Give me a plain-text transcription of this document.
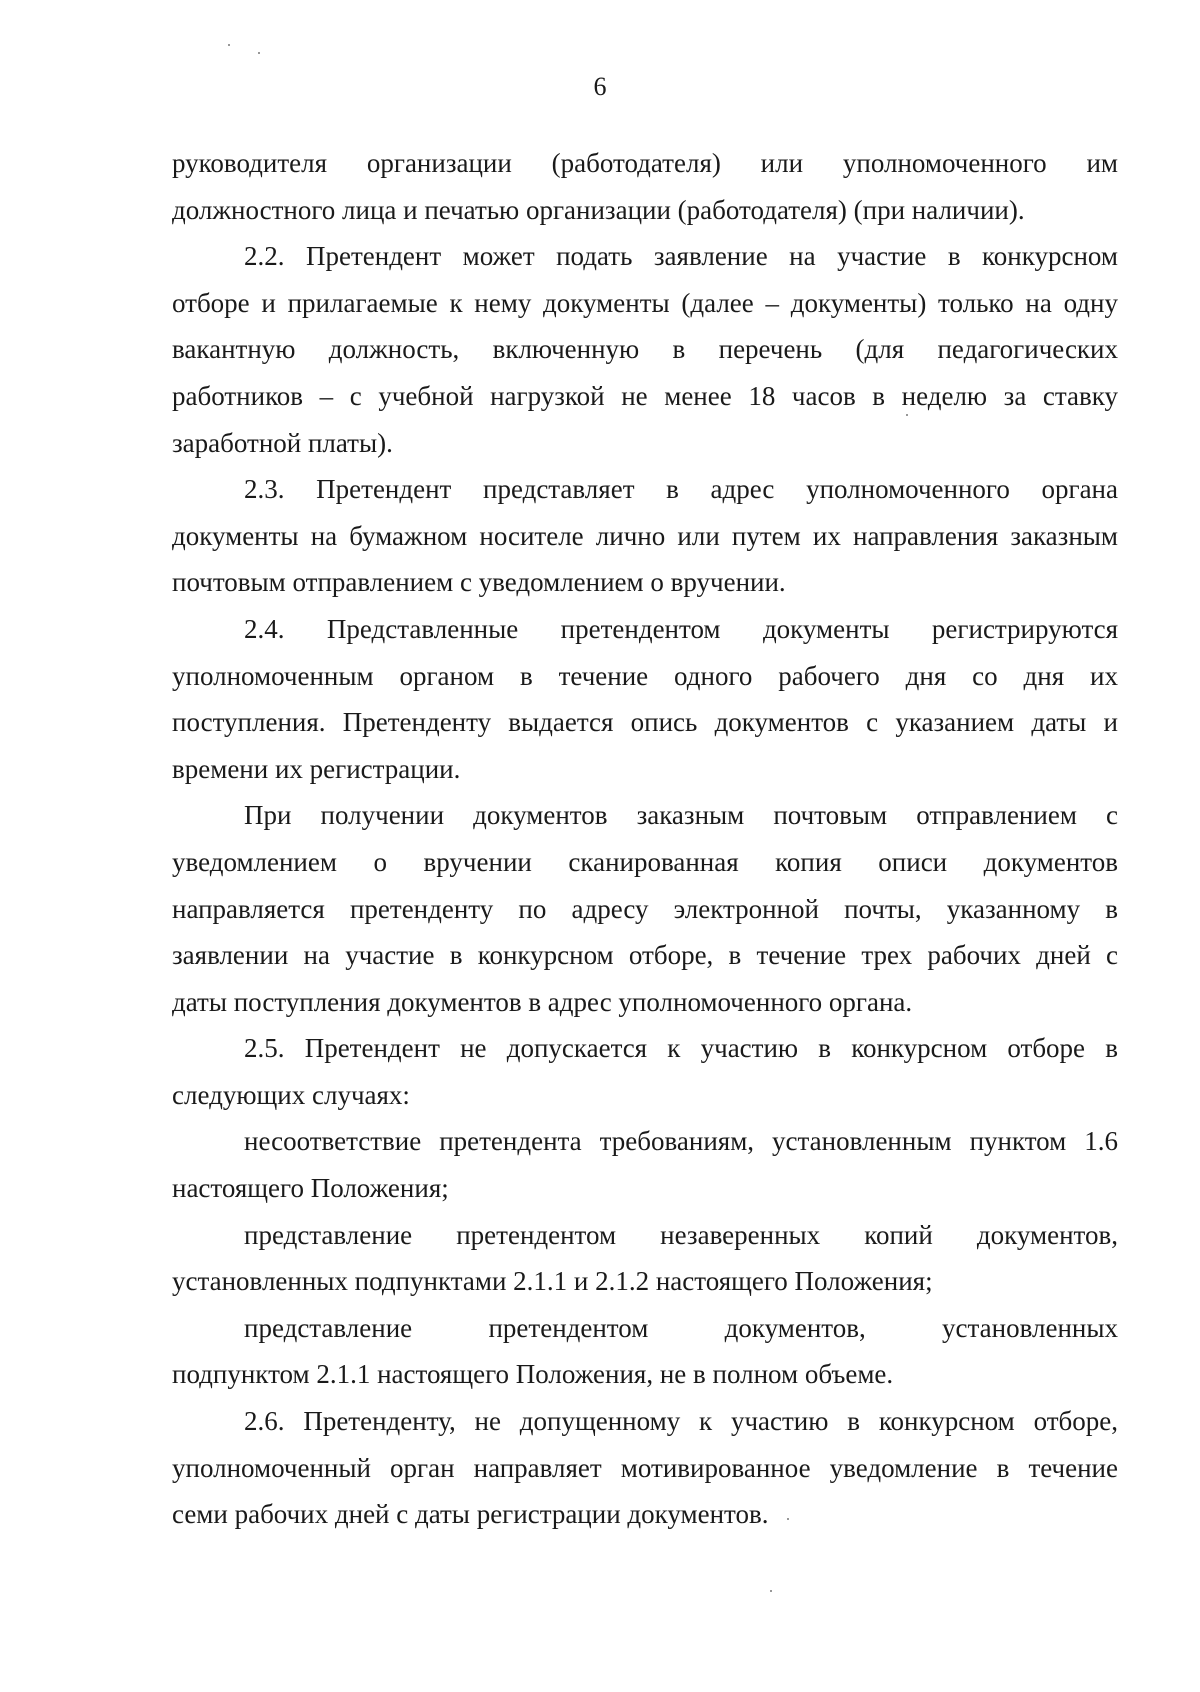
6
руководителя организации (работодателя) или уполномоченного им
должностного лица и печатью организации (работодателя) (при наличии).
2.2. Претендент может подать заявление на участие в конкурсном
отборе и прилагаемые к нему документы (далее – документы) только на одну
вакантную должность, включенную в перечень (для педагогических
работников – с учебной нагрузкой не менее 18 часов в неделю за ставку
заработной платы).
2.3. Претендент представляет в адрес уполномоченного органа
документы на бумажном носителе лично или путем их направления заказным
почтовым отправлением с уведомлением о вручении.
2.4. Представленные претендентом документы регистрируются
уполномоченным органом в течение одного рабочего дня со дня их
поступления. Претенденту выдается опись документов с указанием даты и
времени их регистрации.
При получении документов заказным почтовым отправлением с
уведомлением о вручении сканированная копия описи документов
направляется претенденту по адресу электронной почты, указанному в
заявлении на участие в конкурсном отборе, в течение трех рабочих дней с
даты поступления документов в адрес уполномоченного органа.
2.5. Претендент не допускается к участию в конкурсном отборе в
следующих случаях:
несоответствие претендента требованиям, установленным пунктом 1.6
настоящего Положения;
представление претендентом незаверенных копий документов,
установленных подпунктами 2.1.1 и 2.1.2 настоящего Положения;
представление претендентом документов, установленных
подпунктом 2.1.1 настоящего Положения, не в полном объеме.
2.6. Претенденту, не допущенному к участию в конкурсном отборе,
уполномоченный орган направляет мотивированное уведомление в течение
семи рабочих дней с даты регистрации документов.
